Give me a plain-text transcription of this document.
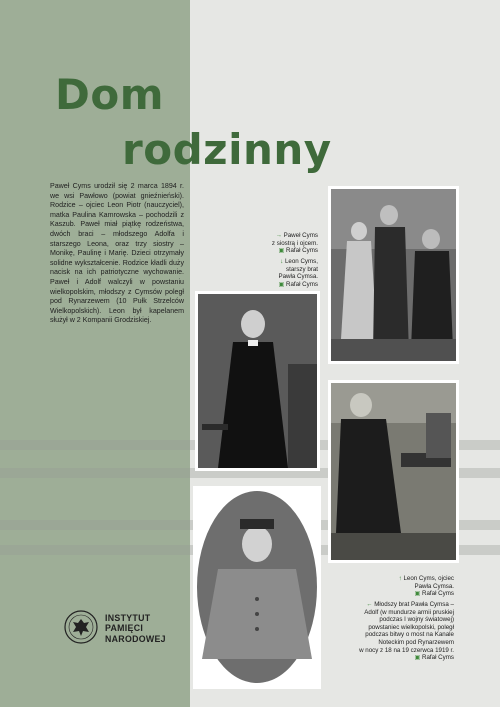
Dom
rodzinny
Paweł Cyms urodził się 2 marca 1894 r. we wsi Pawłowo (powiat gnieźnieński). Rodzice – ojciec Leon Piotr (nauczyciel), matka Paulina Kamrowska – pochodzili z Kaszub. Paweł miał piątkę rodzeństwa, dwóch braci – młodszego Adolfa i starszego Leona, oraz trzy siostry – Monikę, Paulinę i Marię. Dzieci otrzymały solidne wykształcenie. Rodzice kładli duży nacisk na ich patriotyczne wychowanie. Paweł i Adolf walczyli w powstaniu wielkopolskim, młodszy z Cymsów poległ pod Rynarzewem (10 Pułk Strzelców Wielkopolskich). Leon był kapelanem służył w 2 Kompanii Grodziskiej.
→ Paweł Cyms
z siostrą i ojcem.
▣ Rafał Cyms
↓ Leon Cyms,
starszy brat
Pawła Cymsa.
▣ Rafał Cyms
↑ Leon Cyms, ojciec
Pawła Cymsa.
▣ Rafał Cyms
← Młodszy brat Pawła Cymsa –
Adolf (w mundurze armii pruskiej
podczas I wojny światowej)
powstaniec wielkopolski, poległ
podczas bitwy o most na Kanale
Noteckim pod Rynarzewem
w nocy z 18 na 19 czerwca 1919 r.
▣ Rafał Cyms
INSTYTUT
PAMIĘCI
NARODOWEJ
